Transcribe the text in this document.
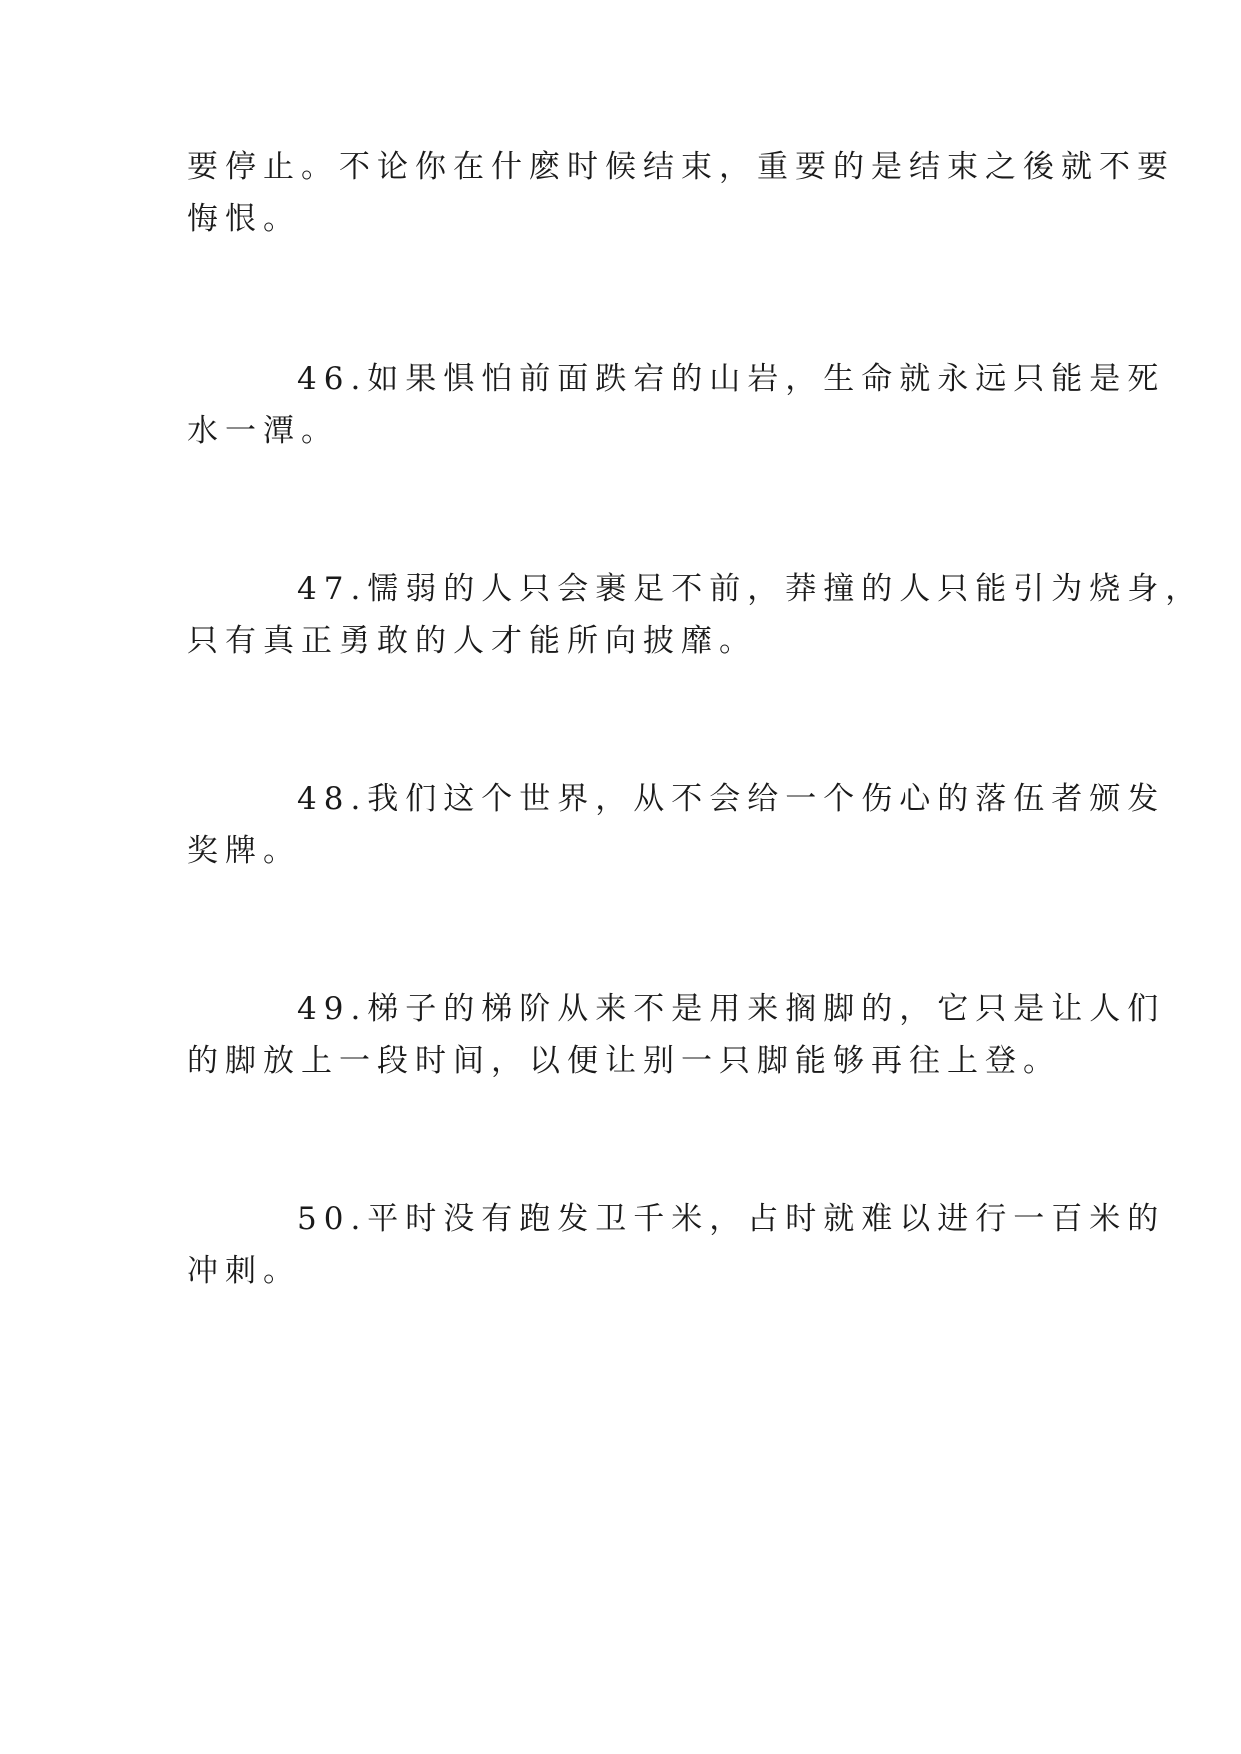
要停止。不论你在什麽时候结束，重要的是结束之後就不要
悔恨。
46.如果惧怕前面跌宕的山岩，生命就永远只能是死
水一潭。
47.懦弱的人只会裹足不前，莽撞的人只能引为烧身，
只有真正勇敢的人才能所向披靡。
48.我们这个世界，从不会给一个伤心的落伍者颁发
奖牌。
49.梯子的梯阶从来不是用来搁脚的，它只是让人们
的脚放上一段时间，以便让别一只脚能够再往上登。
50.平时没有跑发卫千米，占时就难以进行一百米的
冲刺。
